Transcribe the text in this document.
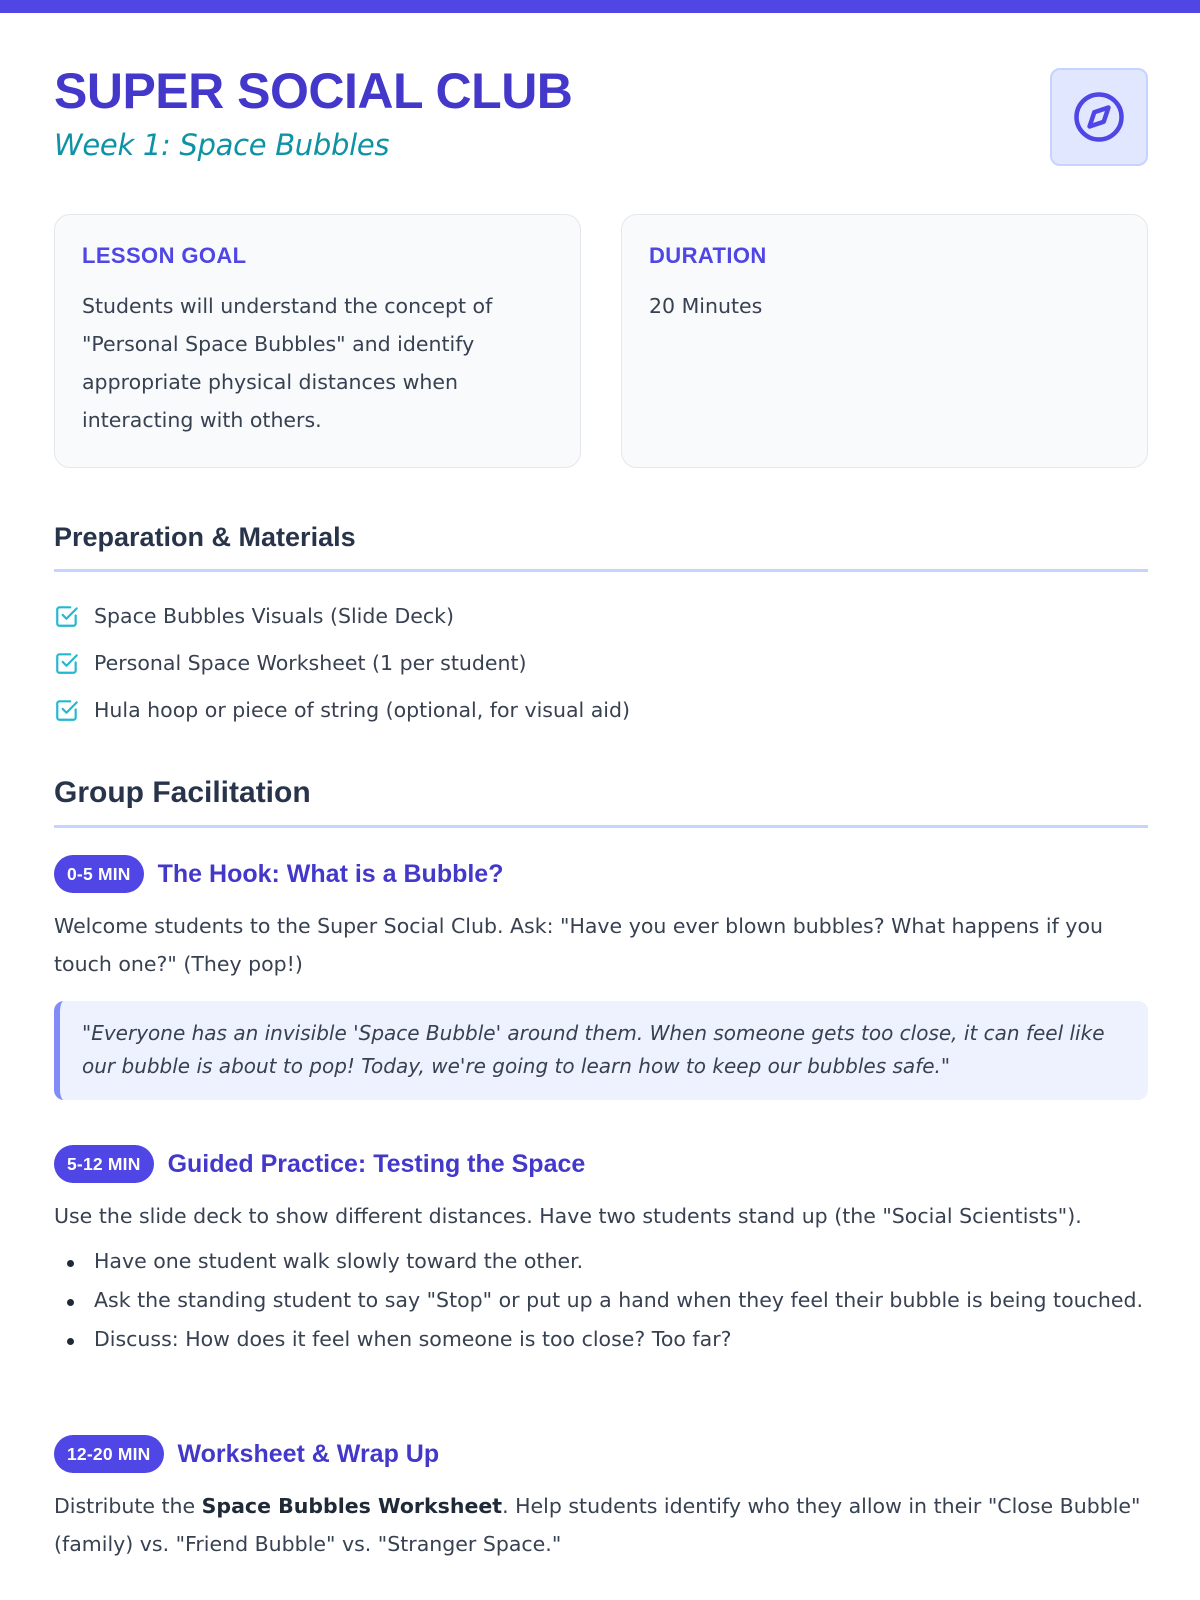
SUPER SOCIAL CLUB
Week 1: Space Bubbles
LESSON GOAL
Students will understand the concept of "Personal Space Bubbles" and identify appropriate physical distances when interacting with others.
DURATION
20 Minutes
Preparation & Materials
Space Bubbles Visuals (Slide Deck)
Personal Space Worksheet (1 per student)
Hula hoop or piece of string (optional, for visual aid)
Group Facilitation
0-5 MIN	The Hook: What is a Bubble?
Welcome students to the Super Social Club. Ask: "Have you ever blown bubbles? What happens if you touch one?" (They pop!)
"Everyone has an invisible 'Space Bubble' around them. When someone gets too close, it can feel like our bubble is about to pop! Today, we're going to learn how to keep our bubbles safe."
5-12 MIN	Guided Practice: Testing the Space
Use the slide deck to show different distances. Have two students stand up (the "Social Scientists").
Have one student walk slowly toward the other.
Ask the standing student to say "Stop" or put up a hand when they feel their bubble is being touched.
Discuss: How does it feel when someone is too close? Too far?
12-20 MIN	Worksheet & Wrap Up
Distribute the Space Bubbles Worksheet. Help students identify who they allow in their "Close Bubble" (family) vs. "Friend Bubble" vs. "Stranger Space."
